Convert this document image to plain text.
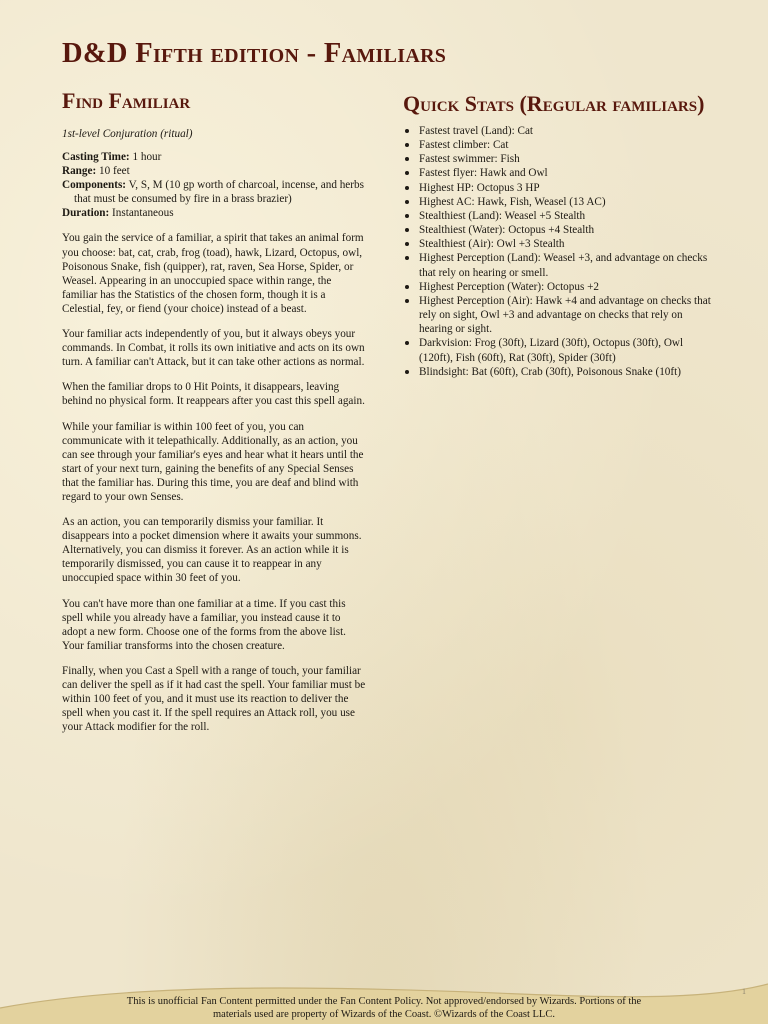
D&D Fifth edition - Familiars
Find Familiar
1st-level Conjuration (ritual)
Casting Time: 1 hour
Range: 10 feet
Components: V, S, M (10 gp worth of charcoal, incense, and herbs that must be consumed by fire in a brass brazier)
Duration: Instantaneous

You gain the service of a familiar, a spirit that takes an animal form you choose: bat, cat, crab, frog (toad), hawk, Lizard, Octopus, owl, Poisonous Snake, fish (quipper), rat, raven, Sea Horse, Spider, or Weasel. Appearing in an unoccupied space within range, the familiar has the Statistics of the chosen form, though it is a Celestial, fey, or fiend (your choice) instead of a beast.

Your familiar acts independently of you, but it always obeys your commands. In Combat, it rolls its own initiative and acts on its own turn. A familiar can't Attack, but it can take other actions as normal.

When the familiar drops to 0 Hit Points, it disappears, leaving behind no physical form. It reappears after you cast this spell again.

While your familiar is within 100 feet of you, you can communicate with it telepathically. Additionally, as an action, you can see through your familiar's eyes and hear what it hears until the start of your next turn, gaining the benefits of any Special Senses that the familiar has. During this time, you are deaf and blind with regard to your own Senses.

As an action, you can temporarily dismiss your familiar. It disappears into a pocket dimension where it awaits your summons. Alternatively, you can dismiss it forever. As an action while it is temporarily dismissed, you can cause it to reappear in any unoccupied space within 30 feet of you.

You can't have more than one familiar at a time. If you cast this spell while you already have a familiar, you instead cause it to adopt a new form. Choose one of the forms from the above list. Your familiar transforms into the chosen creature.

Finally, when you Cast a Spell with a range of touch, your familiar can deliver the spell as if it had cast the spell. Your familiar must be within 100 feet of you, and it must use its reaction to deliver the spell when you cast it. If the spell requires an Attack roll, you use your Attack modifier for the roll.

Quick Stats (Regular familiars)
Fastest travel (Land): Cat
Fastest climber: Cat
Fastest swimmer: Fish
Fastest flyer: Hawk and Owl
Highest HP: Octopus 3 HP
Highest AC: Hawk, Fish, Weasel (13 AC)
Stealthiest (Land): Weasel +5 Stealth
Stealthiest (Water): Octopus +4 Stealth
Stealthiest (Air): Owl +3 Stealth
Highest Perception (Land): Weasel +3, and advantage on checks that rely on hearing or smell.
Highest Perception (Water): Octopus +2
Highest Perception (Air): Hawk +4 and advantage on checks that rely on sight, Owl +3 and advantage on checks that rely on hearing or sight.
Darkvision: Frog (30ft), Lizard (30ft), Octopus (30ft), Owl (120ft), Fish (60ft), Rat (30ft), Spider (30ft)
Blindsight: Bat (60ft), Crab (30ft), Poisonous Snake (10ft)
This is unofficial Fan Content permitted under the Fan Content Policy. Not approved/endorsed by Wizards. Portions of the
materials used are property of Wizards of the Coast. ©Wizards of the Coast LLC.
1
